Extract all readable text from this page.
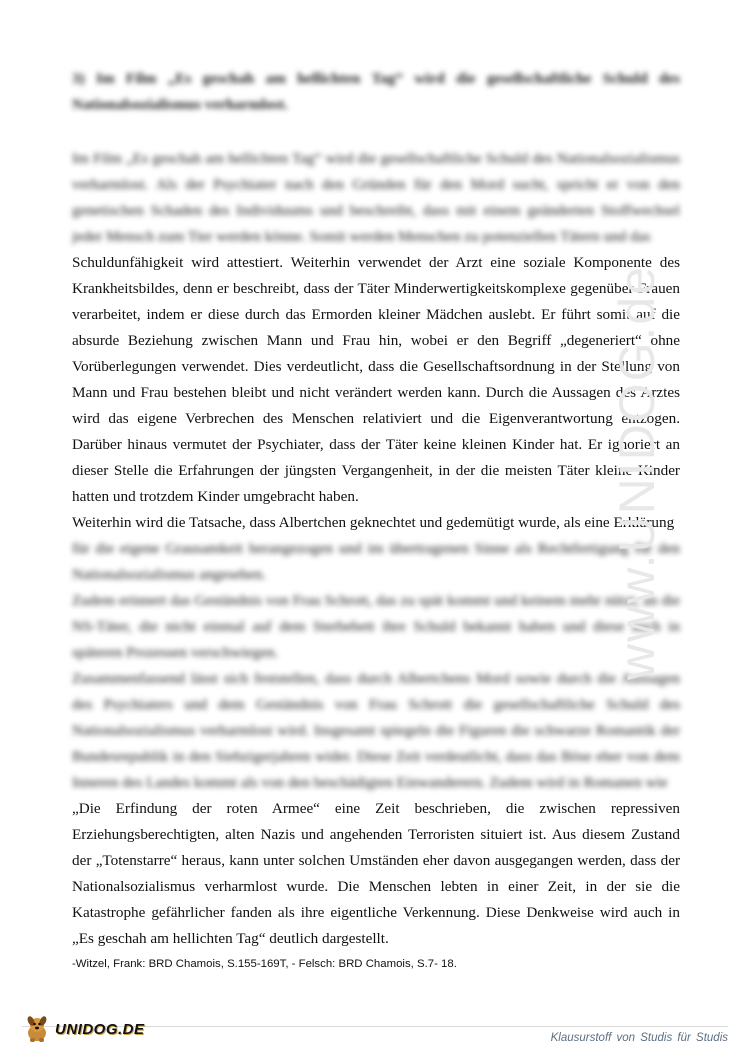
3) Im Film „Es geschah am hellichten Tag“ wird die gesellschaftliche Schuld des Nationalsozialismus verharmlost.
Im Film „Es geschah am hellichten Tag“ wird die gesellschaftliche Schuld des Nationalsozialismus verharmlost. Als der Psychiater nach den Gründen für den Mord sucht, spricht er von den genetischen Schaden des Individuums und beschreibt, dass mit einem geänderten Stoffwechsel jeder Mensch zum Tier werden könne. Somit werden Menschen zu potenziellen Tätern und das

Schuldunfähigkeit wird attestiert. Weiterhin verwendet der Arzt eine soziale Komponente des Krankheitsbildes, denn er beschreibt, dass der Täter Minderwertigkeitskomplexe gegenüber Frauen verarbeitet, indem er diese durch das Ermorden kleiner Mädchen auslebt. Er führt somit auf die absurde Beziehung zwischen Mann und Frau hin, wobei er den Begriff „degeneriert“ ohne Vorüberlegungen verwendet. Dies verdeutlicht, dass die Gesellschaftsordnung in der Stellung von Mann und Frau bestehen bleibt und nicht verändert werden kann. Durch die Aussagen des Arztes wird das eigene Verbrechen des Menschen relativiert und die Eigenverantwortung entzogen. Darüber hinaus vermutet der Psychiater, dass der Täter keine kleinen Kinder hat. Er ignoriert an dieser Stelle die Erfahrungen der jüngsten Vergangenheit, in der die meisten Täter kleine Kinder hatten und trotzdem Kinder umgebracht haben.

Weiterhin wird die Tatsache, dass Albertchen geknechtet und gedemütigt wurde, als eine Erklärung

für die eigene Grausamkeit herangezogen und im übertragenen Sinne als Rechtfertigung für den Nationalsozialismus angesehen.
Zudem erinnert das Geständnis von Frau Schrott, das zu spät kommt und keinem mehr nützt, an die NS-Täter, die nicht einmal auf dem Sterbebett ihre Schuld bekannt haben und diese auch in späteren Prozessen verschwiegen.
Zusammenfassend lässt sich feststellen, dass durch Albertchens Mord sowie durch die Aussagen des Psychiaters und dem Geständnis von Frau Schrott die gesellschaftliche Schuld des Nationalsozialismus verharmlost wird. Insgesamt spiegeln die Figuren die schwarze Romantik der Bundesrepublik in den Siebzigerjahren wider. Diese Zeit verdeutlicht, dass das Böse eher von dem Inneren des Landes kommt als von den beschädigten Einwanderern. Zudem wird in Romanen wie
„Die Erfindung der roten Armee“ eine Zeit beschrieben, die zwischen repressiven Erziehungsberechtigten, alten Nazis und angehenden Terroristen situiert ist. Aus diesem Zustand der „Totenstarre“ heraus, kann unter solchen Umständen eher davon ausgegangen werden, dass der Nationalsozialismus verharmlost wurde. Die Menschen lebten in einer Zeit, in der sie die Katastrophe gefährlicher fanden als ihre eigentliche Verkennung. Diese Denkweise wird auch in „Es geschah am hellichten Tag“ deutlich dargestellt.
-Witzel, Frank: BRD Chamois, S.155-169T, - Felsch: BRD Chamois, S.7- 18.
www.UNIDOG.de
UNIDOG.DE
Klausurstoff von Studis für Studis
